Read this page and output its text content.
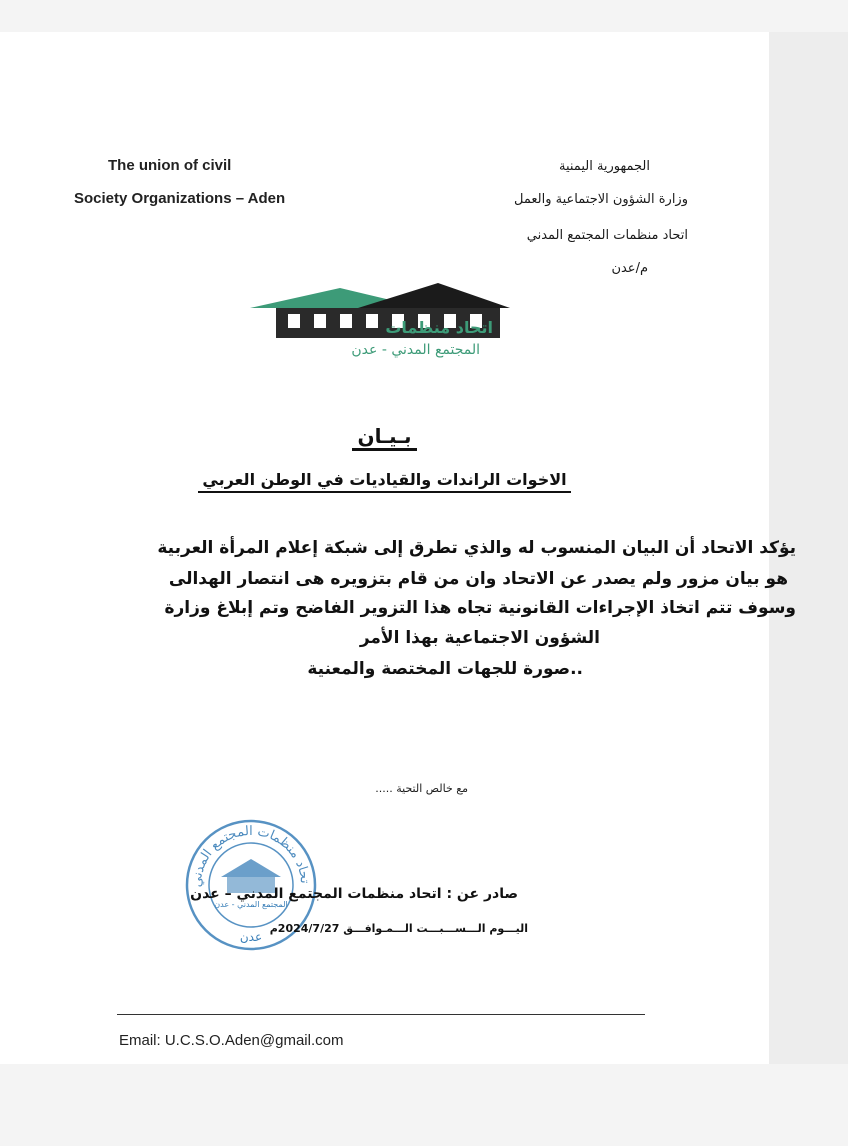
The union of civil
Society Organizations – Aden
الجمهورية اليمنية
وزارة الشؤون الاجتماعية والعمل
اتحاد منظمات المجتمع المدني
م/عدن
اتحاد منظمات
المجتمع المدني - عدن
بـيـان
الاخوات الراندات والقياديات في الوطن العربي
يؤكد الاتحاد أن البيان المنسوب له والذي تطرق إلى شبكة إعلام المرأة العربية
هو بيان مزور ولم يصدر عن الاتحاد وان من قام بتزويره هى انتصار الهدالى
وسوف تتم اتخاذ الإجراءات القانونية تجاه هذا التزوير الفاضح وتم إبلاغ وزارة
الشؤون الاجتماعية بهذا الأمر
..صورة للجهات المختصة والمعنية
مع خالص التحية .....
تحاد منظمات المجتمع المدني
المجتمع المدني - عدن
عدن
صادر عن : اتحاد منظمات المجتمع المدني – عدن
اليـــوم الـــســـبـــت الـــمـوافـــق 2024/7/27م
Email: U.C.S.O.Aden@gmail.com
